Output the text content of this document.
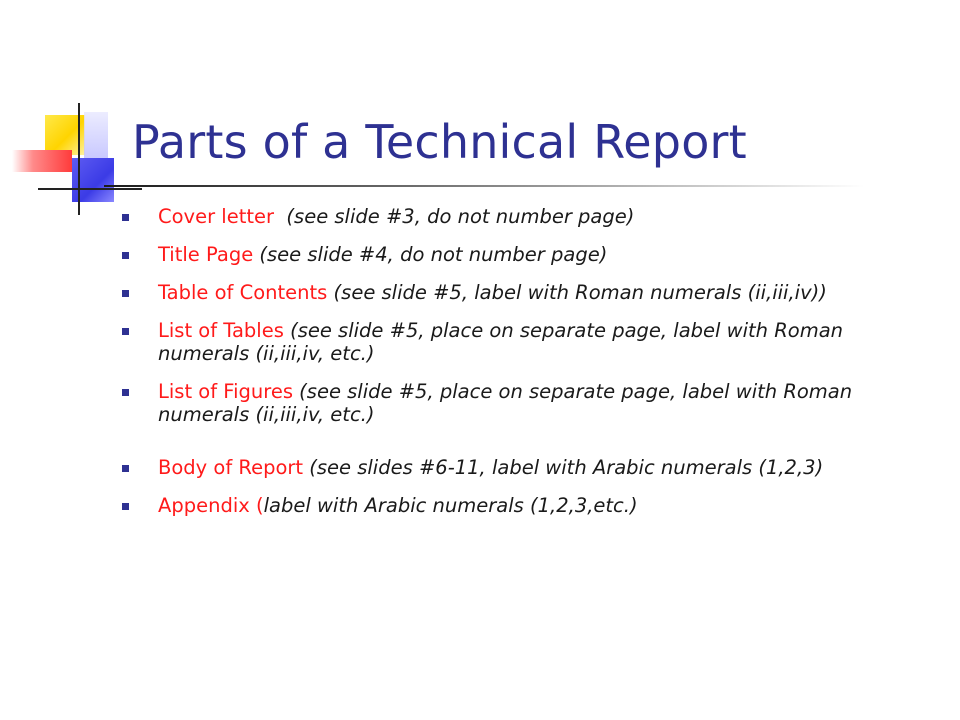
Parts of a Technical Report
Cover letter  (see slide #3, do not number page)
Title Page (see slide #4, do not number page)
Table of Contents (see slide #5, label with Roman numerals (ii,iii,iv))
List of Tables (see slide #5, place on separate page, label with Roman numerals (ii,iii,iv, etc.)
List of Figures (see slide #5, place on separate page, label with Roman numerals (ii,iii,iv, etc.)
Body of Report (see slides #6-11, label with Arabic numerals (1,2,3)
Appendix (label with Arabic numerals (1,2,3,etc.)
